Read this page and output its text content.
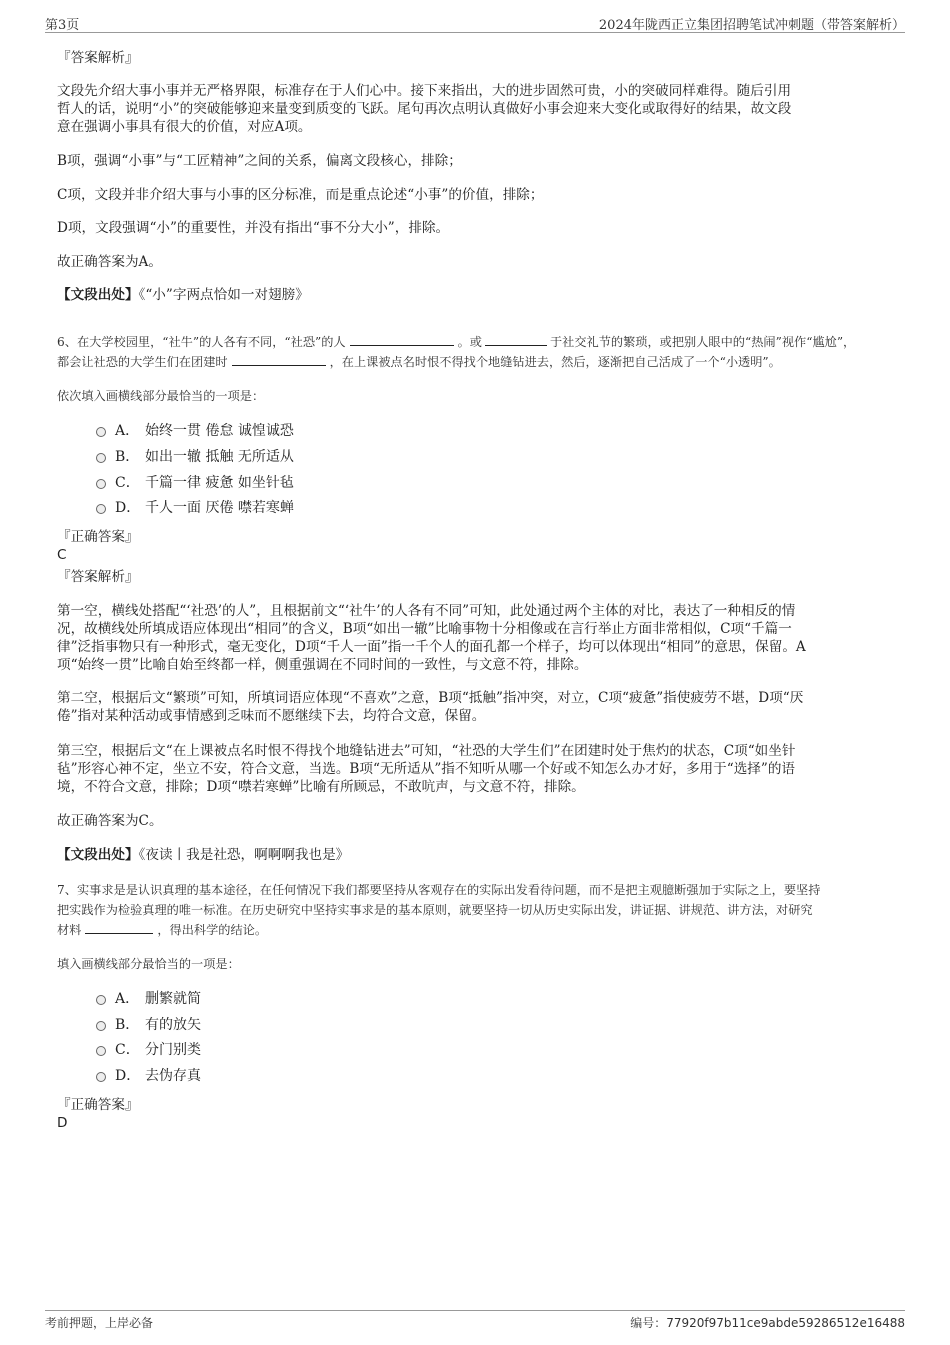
第3页	2024年陇西正立集团招聘笔试冲刺题（带答案解析）
『答案解析』
文段先介绍大事小事并无严格界限，标准存在于人们心中。接下来指出，大的进步固然可贵，小的突破同样难得。随后引用
哲人的话，说明“小”的突破能够迎来量变到质变的飞跃。尾句再次点明认真做好小事会迎来大变化或取得好的结果，故文段
意在强调小事具有很大的价值，对应A项。
B项，强调“小事”与“工匠精神”之间的关系，偏离文段核心，排除；
C项，文段并非介绍大事与小事的区分标准，而是重点论述“小事”的价值，排除；
D项，文段强调“小”的重要性，并没有指出“事不分大小”，排除。
故正确答案为A。
【文段出处】《“小”字两点恰如一对翅膀》
6、在大学校园里，“社牛”的人各有不同，“社恐”的人	。或	于社交礼节的繁琐，或把别人眼中的“热闹”视作“尴尬”，
都会让社恐的大学生们在团建时	，在上课被点名时恨不得找个地缝钻进去，然后，逐渐把自己活成了一个“小透明”。
依次填入画横线部分最恰当的一项是：
A． 始终一贯 倦怠 诚惶诚恐
B． 如出一辙 抵触 无所适从
C． 千篇一律 疲惫 如坐针毡
D． 千人一面 厌倦 噤若寒蝉
『正确答案』
C
『答案解析』
第一空，横线处搭配“‘社恐’的人”，且根据前文“‘社牛’的人各有不同”可知，此处通过两个主体的对比，表达了一种相反的情
况，故横线处所填成语应体现出“相同”的含义，B项“如出一辙”比喻事物十分相像或在言行举止方面非常相似，C项“千篇一
律”泛指事物只有一种形式，毫无变化，D项“千人一面”指一千个人的面孔都一个样子，均可以体现出“相同”的意思，保留。A
项“始终一贯”比喻自始至终都一样，侧重强调在不同时间的一致性，与文意不符，排除。
第二空，根据后文“繁琐”可知，所填词语应体现“不喜欢”之意，B项“抵触”指冲突，对立，C项“疲惫”指使疲劳不堪，D项“厌
倦”指对某种活动或事情感到乏味而不愿继续下去，均符合文意，保留。
第三空，根据后文“在上课被点名时恨不得找个地缝钻进去”可知，“社恐的大学生们”在团建时处于焦灼的状态，C项“如坐针
毡”形容心神不定，坐立不安，符合文意，当选。B项“无所适从”指不知听从哪一个好或不知怎么办才好，多用于“选择”的语
境，不符合文意，排除；D项“噤若寒蝉”比喻有所顾忌，不敢吭声，与文意不符，排除。
故正确答案为C。
【文段出处】《夜读丨我是社恐，啊啊啊我也是》
7、实事求是是认识真理的基本途径，在任何情况下我们都要坚持从客观存在的实际出发看待问题，而不是把主观臆断强加于实际之上，要坚持
把实践作为检验真理的唯一标准。在历史研究中坚持实事求是的基本原则，就要坚持一切从历史实际出发，讲证据、讲规范、讲方法，对研究
材料	，得出科学的结论。
填入画横线部分最恰当的一项是：
A． 删繁就简
B． 有的放矢
C． 分门别类
D． 去伪存真
『正确答案』
D
考前押题，上岸必备	编号：77920f97b11ce9abde59286512e16488
